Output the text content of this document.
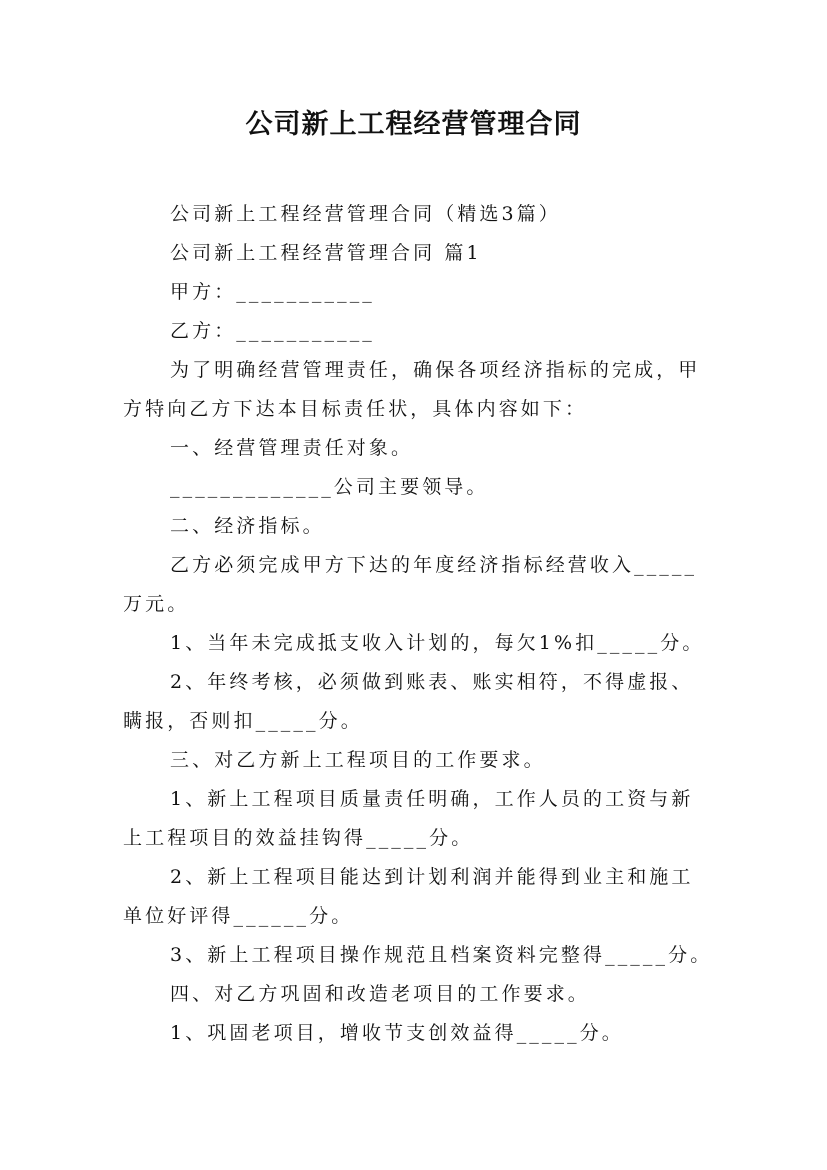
公司新上工程经营管理合同
公司新上工程经营管理合同（精选3篇）
公司新上工程经营管理合同 篇1
甲方：___________
乙方：___________
为了明确经营管理责任，确保各项经济指标的完成，甲
方特向乙方下达本目标责任状，具体内容如下：
一、经营管理责任对象。
_____________公司主要领导。
二、经济指标。
乙方必须完成甲方下达的年度经济指标经营收入_____
万元。
1、当年未完成抵支收入计划的，每欠1%扣_____分。
2、年终考核，必须做到账表、账实相符，不得虚报、
瞒报，否则扣_____分。
三、对乙方新上工程项目的工作要求。
1、新上工程项目质量责任明确，工作人员的工资与新
上工程项目的效益挂钩得_____分。
2、新上工程项目能达到计划利润并能得到业主和施工
单位好评得______分。
3、新上工程项目操作规范且档案资料完整得_____分。
四、对乙方巩固和改造老项目的工作要求。
1、巩固老项目，增收节支创效益得_____分。
